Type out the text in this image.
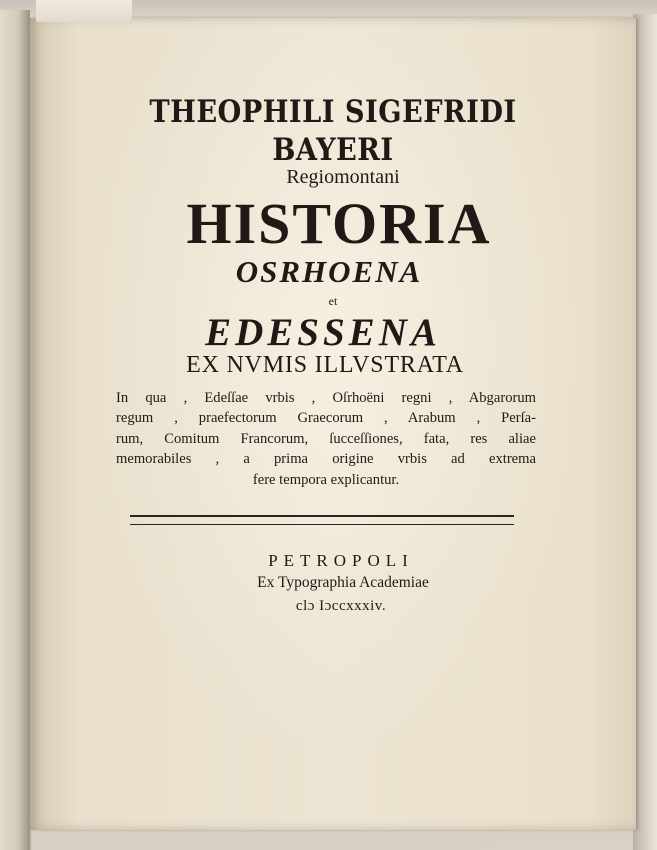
THEOPHILI SIGEFRIDI
BAYERI
Regiomontani
HISTORIA
OSRHOENA
et
EDESSENA
EX NVMIS ILLVSTRATA
In qua , Edeſſae vrbis , Oſrhoëni regni , Abgarorum
regum , praefectorum Graecorum , Arabum , Perſa-
rum, Comitum Francorum, ſucceſſiones, fata, res aliae
memorabiles , a prima origine vrbis ad extrema
fere tempora explicantur.
PETROPOLI
Ex Typographia Academiae
clɔ Iɔccxxxiv.
